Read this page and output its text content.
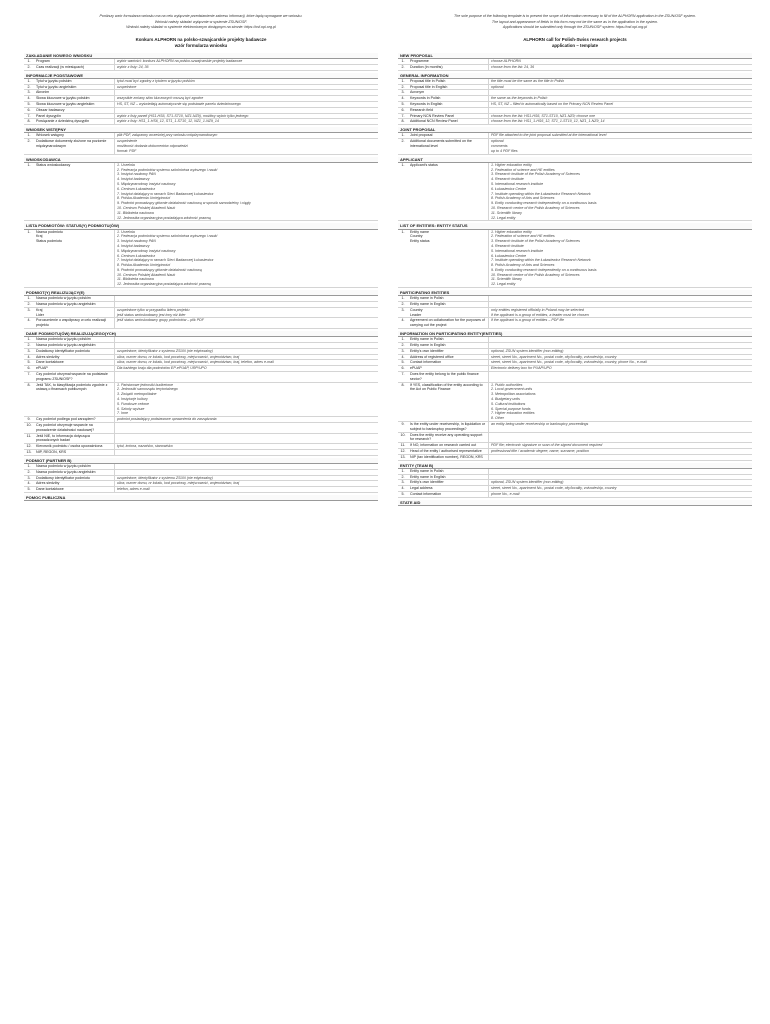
Poniższy wzór formularza wniosku ma na celu wyłącznie przedstawienie zakresu informacji, które będą wymagane we wniosku.
Wnioski należy składać wyłącznie w systemie ZSUN/OSF.
Wnioski należy składać w systemie elektronicznym dostępnym na stronie: https://osf.opi.org.pl
Konkurs ALPHORN na polsko-szwajcarskie projekty badawcze
wzór formularza wniosku
ZAKŁADANIE NOWEGO WNIOSKU
1.	Program	wybór wartości: konkurs ALPHORN na polsko-szwajcarskie projekty badawcze
2.	Czas realizacji (w miesiącach)	wybór z listy: 24, 36
INFORMACJE PODSTAWOWE
1.	Tytuł w języku polskim	tytuł musi być zgodny z tytułem w języku polskim
2.	Tytuł w języku angielskim	uzupełnione
3.	Akronim
4.	Słowa kluczowe w języku polskim	wszystkie zmiany słów kluczowych muszą być zgodne
5.	Słowa kluczowe w języku angielskim	HS, ST, NZ – wyświetlają automatycznie się podstawie panelu dziedzinowego
6.	Obszar badawczy
7.	Panel dyscyplin	wybór z listy paneli (HS1-HS6, ST1-ST10, NZ1-NZ9), możliwy wybór tylko jednego
8.	Powiązanie z dziedziną dyscyplin	wybór z listy: HS1_1-HS6_12, ST1_1-ST10_12, NZ1_1-NZ9_14
WNIOSEK WSTĘPNY
1.	Wniosek wstępny	plik PDF, załączony wcześniej przy wniosku międzynarodowym
2.	Dodatkowe dokumenty złożone na poziomie międzynarodowym
uzupełnienie
możliwość dodania dokumentów odpowiedzi
format: PDF
WNIOSKODAWCA
1.	Status wnioskodawcy	1. Uczelnia
2. Federacja podmiotów systemu szkolnictwa wyższego i nauki
3. Instytut naukowy PAN
4. Instytut badawczy
5. Międzynarodowy instytut naukowy
6. Centrum Łukasiewicz
7. Instytut działający w ramach Sieci Badawczej Łukasiewicz
8. Polska Akademia Umiejętności
9. Podmiot prowadzący głównie działalność naukową w sposób samodzielny i ciągły
10. Centrum Polskiej Akademii Nauk
11. Biblioteka naukowa
12. Jednostka organizacyjna posiadająca zdolność prawną
LISTA PODMIOTÓW: STATUS(Y) PODMIOTU(ÓW)
1.	Nazwa podmiotu
Kraj
Status podmiotu
1. Uczelnia
2. Federacja podmiotów systemu szkolnictwa wyższego i nauki
3. Instytut naukowy PAN
4. Instytut badawczy
5. Międzynarodowy instytut naukowy
6. Centrum Łukasiewicz
7. Instytut działający w ramach Sieci Badawczej Łukasiewicz
8. Polska Akademia Umiejętności
9. Podmiot prowadzący głównie działalność naukową
10. Centrum Polskiej Akademii Nauk
11. Biblioteka naukowa
12. Jednostka organizacyjna posiadająca zdolność prawną
PODMIOT(Y) REALIZUJĄCY(E)
1.	Nazwa podmiotu w języku polskim
2.	Nazwa podmiotu w języku angielskim
3.	Kraj
Lider
uzupełnione tylko w przypadku lidera projektu
jeśli status wnioskodawcy jest inny niż lider
4.	Porozumienie o współpracy w celu realizacji projektu
jeśli status wnioskodawcy grupy podmiotów – plik PDF
DANE PODMIOTU(ÓW) REALIZUJĄCEGO(YCH)
1.	Nazwa podmiotu w języku polskim
2.	Nazwa podmiotu w języku angielskim
3.	Dodatkowy identyfikator podmiotu	uzupełnione, identyfikator z systemu ZSUN (nie edytowalny)
4.	Adres siedziby	ulica, numer domu, nr lokalu, kod pocztowy, miejscowość, województwo, kraj
5.	Dane kontaktowe	ulica, numer domu, nr lokalu, kod pocztowy, miejscowość, województwo, kraj, telefon, adres e-mail
6.	ePUAP	Dla każdego kraju dla podmiotów EP-ePUAP, URP/UPO
7.	Czy podmiot otrzymał wsparcie na podstawie programu ZSUN/OSF?
8.	Jeśli TAK, to klasyfikacja podmiotu zgodnie z ustawą o finansach publicznych
1. Państwowe jednostki budżetowe
2. Jednostki samorządu terytorialnego
3. Związki metropolitalne
4. Instytucje kultury
5. Fundusze celowe
6. Szkoły wyższe
7. Inne
9.	Czy podmiot podlega pod zarządem?	podmiot posiadający podstawowe uprawnienia do zarządzania
10.	Czy podmiot otrzymuje wsparcie na prowadzenie działalności naukowej?
11.	Jeśli NIE, to informacja dotycząca prowadzonych badań
12.	Kierownik podmiotu / osoba upoważniona	tytuł, imiona, nazwisko, stanowisko
13.	NIP, REGON, KRS
PODMIOT (PARTNER B)
1.	Nazwa podmiotu w języku polskim
2.	Nazwa podmiotu w języku angielskim
3.	Dodatkowy identyfikator podmiotu	uzupełnione, identyfikator z systemu ZSUN (nie edytowalny)
4.	Adres siedziby	ulica, numer domu, nr lokalu, kod pocztowy, miejscowość, województwo, kraj
5.	Dane kontaktowe	telefon, adres e-mail
POMOC PUBLICZNA
The sole purpose of the following template is to present the scope of information necessary to fill of the ALPHORN application in the ZSUN/OSF system.
The layout and appearance of fields in this form may not be the same as in the application in the system.
Applications should be submitted only through the ZSUN/OSF system: https://osf.opi.org.pl
ALPHORN call for Polish-Swiss research projects
application – template
NEW PROPOSAL
1.	Programme	choose ALPHORN
2.	Duration (in months)	choose from the list: 24, 36
GENERAL INFORMATION
1.	Proposal title in Polish	the title must be the same as the title in Polish
2.	Proposal title in English	optional
3.	Acronym
4.	Keywords in Polish	the same as the keywords in Polish
5.	Keywords in English	HS, ST, NZ – filled in automatically based on the Primary NCN Review Panel
6.	Research field
7.	Primary NCN Review Panel	choose from the list: HS1-HS6, ST1-ST10, NZ1-NZ9; choose one
8.	Additional NCN Review Panel	choose from the list: HS1_1-HS6_12, ST1_1-ST10_12, NZ1_1-NZ9_14
JOINT PROPOSAL
1.	Joint proposal	PDF file attached to the joint proposal submitted at the international level
2.	Additional documents submitted on the international level
optional
comments
up to 4 PDF files
APPLICANT
1.	Applicant's status	1. Higher education entity
2. Federation of science and HE entities
3. Research institute of the Polish Academy of Sciences
4. Research institute
5. International research institute
6. Łukasiewicz Centre
7. Institute operating within the Łukasiewicz Research Network
8. Polish Academy of Arts and Sciences
9. Entity conducting research independently on a continuous basis
10. Research centre of the Polish Academy of Sciences
11. Scientific library
12. Legal entity
LIST OF ENTITIES: ENTITY STATUS
1.	Entity name
Country
Entity status
1. Higher education entity
2. Federation of science and HE entities
3. Research institute of the Polish Academy of Sciences
4. Research institute
5. International research institute
6. Łukasiewicz Centre
7. Institute operating within the Łukasiewicz Research Network
8. Polish Academy of Arts and Sciences
9. Entity conducting research independently on a continuous basis
10. Research centre of the Polish Academy of Sciences
11. Scientific library
12. Legal entity
PARTICIPATING ENTITIES
1.	Entity name in Polish
2.	Entity name in English
3.	Country
Leader
only entities registered officially in Poland may be selected
if the applicant is a group of entities, a leader must be chosen
4.	Agreement on collaboration for the purposes of carrying out the project
if the applicant is a group of entities – PDF file
INFORMATION ON PARTICIPATING ENTITY(ENTITIES)
1.	Entity name in Polish
2.	Entity name in English
3.	Entity's own identifier	optional, ZSUN system identifier (non-editing)
4.	Address of registered office	street, street No., apartment No., postal code, city/locality, voivodeship, country
5.	Contact information	street, street No., apartment No., postal code, city/locality, voivodeship, country, phone No., e-mail
6.	ePUAP	Electronic delivery box for PUAP/UPO
7.	Does the entity belong to the public finance sector?
8.	If YES, classification of the entity according to the Act on Public Finance
1. Public authorities
2. Local government units
3. Metropolitan associations
4. Budgetary units
5. Cultural institutions
6. Special purpose funds
7. Higher education entities
8. Other
9.	Is the entity under receivership, in liquidation or subject to bankruptcy proceedings?
an entity being under receivership or bankruptcy proceedings
10.	Does the entity receive any operating support for research?
11.	If NO, information on research carried out	PDF file; electronic signature or scan of the signed document required
12.	Head of the entity / authorised representative	professional title / academic degree, name, surname, position
13.	NIP (tax identification number), REGON, KRS
ENTITY (TEAM B)
1.	Entity name in Polish
2.	Entity name in English
3.	Entity's own identifier	optional, ZSUN system identifier (non-editing)
4.	Legal address	street, street No., apartment No., postal code, city/locality, voivodeship, country
5.	Contact information	phone No., e-mail
STATE AID
